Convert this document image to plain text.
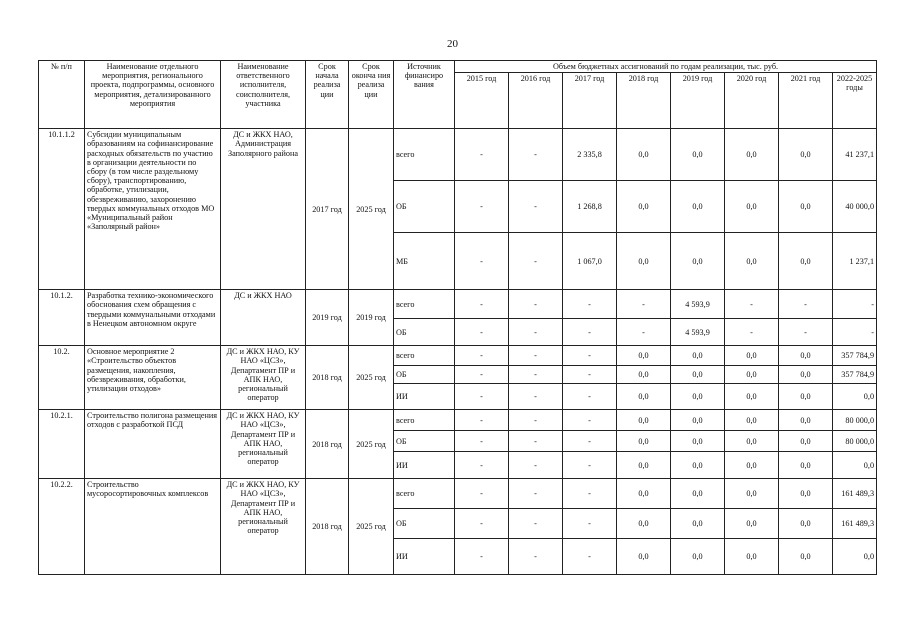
20
№ п/п	Наименование отдельного мероприятия, регионального проекта, подпрограммы, основного мероприятия, детализированного мероприятия	Наименование ответственного исполнителя, соисполнителя, участника	Срок начала реализа ции	Срок оконча ния реализа ции	Источник финансиро вания	Объем бюджетных ассигнований по годам реализации, тыс. руб.							
						2015 год	2016 год	2017 год	2018 год	2019 год	2020 год	2021 год	2022-2025 годы
10.1.1.2	Субсидии муниципальным образованиям на софинансирование расходных обязательств по участию в организации деятельности по сбору (в том числе раздельному сбору), транспортированию, обработке, утилизации, обезвреживанию, захоронению твердых коммунальных отходов МО «Муниципальный район «Заполярный район»	ДС и ЖКХ НАО, Администрация Заполярного района	2017 год	2025 год	всего	-	-	2 335,8	0,0	0,0	0,0	0,0	41 237,1
					ОБ	-	-	1 268,8	0,0	0,0	0,0	0,0	40 000,0
					МБ	-	-	1 067,0	0,0	0,0	0,0	0,0	1 237,1
10.1.2.	Разработка технико-экономического обоснования схем обращения с твердыми коммунальными отходами в Ненецком автономном округе	ДС и ЖКХ НАО	2019 год	2019 год	всего	-	-	-	-	4 593,9	-	-	-
					ОБ	-	-	-	-	4 593,9	-	-	-
10.2.	Основное мероприятие 2 «Строительство объектов размещения, накопления, обезвреживания, обработки, утилизации отходов»	ДС и ЖКХ НАО, КУ НАО «ЦСЗ», Департамент ПР и АПК НАО, региональный оператор	2018 год	2025 год	всего	-	-	-	0,0	0,0	0,0	0,0	357 784,9
					ОБ	-	-	-	0,0	0,0	0,0	0,0	357 784,9
					ИИ	-	-	-	0,0	0,0	0,0	0,0	0,0
10.2.1.	Строительство полигона размещения отходов с разработкой ПСД	ДС и ЖКХ НАО, КУ НАО «ЦСЗ», Департамент ПР и АПК НАО, региональный оператор	2018 год	2025 год	всего	-	-	-	0,0	0,0	0,0	0,0	80 000,0
					ОБ	-	-	-	0,0	0,0	0,0	0,0	80 000,0
					ИИ	-	-	-	0,0	0,0	0,0	0,0	0,0
10.2.2.	Строительство мусоросортировочных комплексов	ДС и ЖКХ НАО, КУ НАО «ЦСЗ», Департамент ПР и АПК НАО, региональный оператор	2018 год	2025 год	всего	-	-	-	0,0	0,0	0,0	0,0	161 489,3
					ОБ	-	-	-	0,0	0,0	0,0	0,0	161 489,3
					ИИ	-	-	-	0,0	0,0	0,0	0,0	0,0
